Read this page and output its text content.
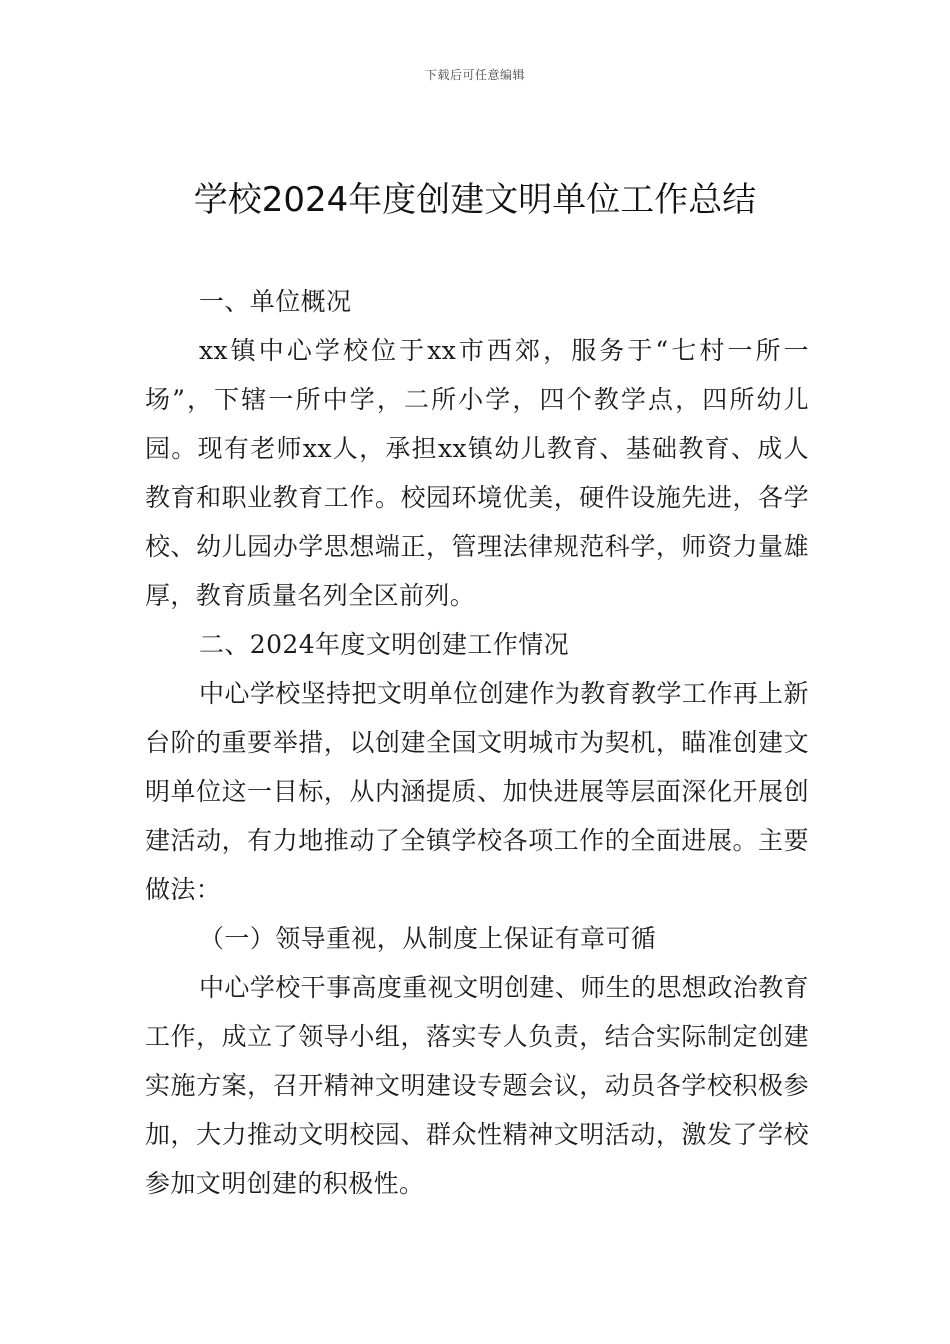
下载后可任意编辑
学校2024年度创建文明单位工作总结

一、单位概况

xx镇中心学校位于xx市西郊，服务于“七村一所一场”，下辖一所中学，二所小学，四个教学点，四所幼儿园。现有老师xx人，承担xx镇幼儿教育、基础教育、成人教育和职业教育工作。校园环境优美，硬件设施先进，各学校、幼儿园办学思想端正，管理法律规范科学，师资力量雄厚，教育质量名列全区前列。

二、2024年度文明创建工作情况

中心学校坚持把文明单位创建作为教育教学工作再上新台阶的重要举措，以创建全国文明城市为契机，瞄准创建文明单位这一目标，从内涵提质、加快进展等层面深化开展创建活动，有力地推动了全镇学校各项工作的全面进展。主要做法：

（一）领导重视，从制度上保证有章可循

中心学校干事高度重视文明创建、师生的思想政治教育工作，成立了领导小组，落实专人负责，结合实际制定创建实施方案，召开精神文明建设专题会议，动员各学校积极参加，大力推动文明校园、群众性精神文明活动，激发了学校参加文明创建的积极性。
